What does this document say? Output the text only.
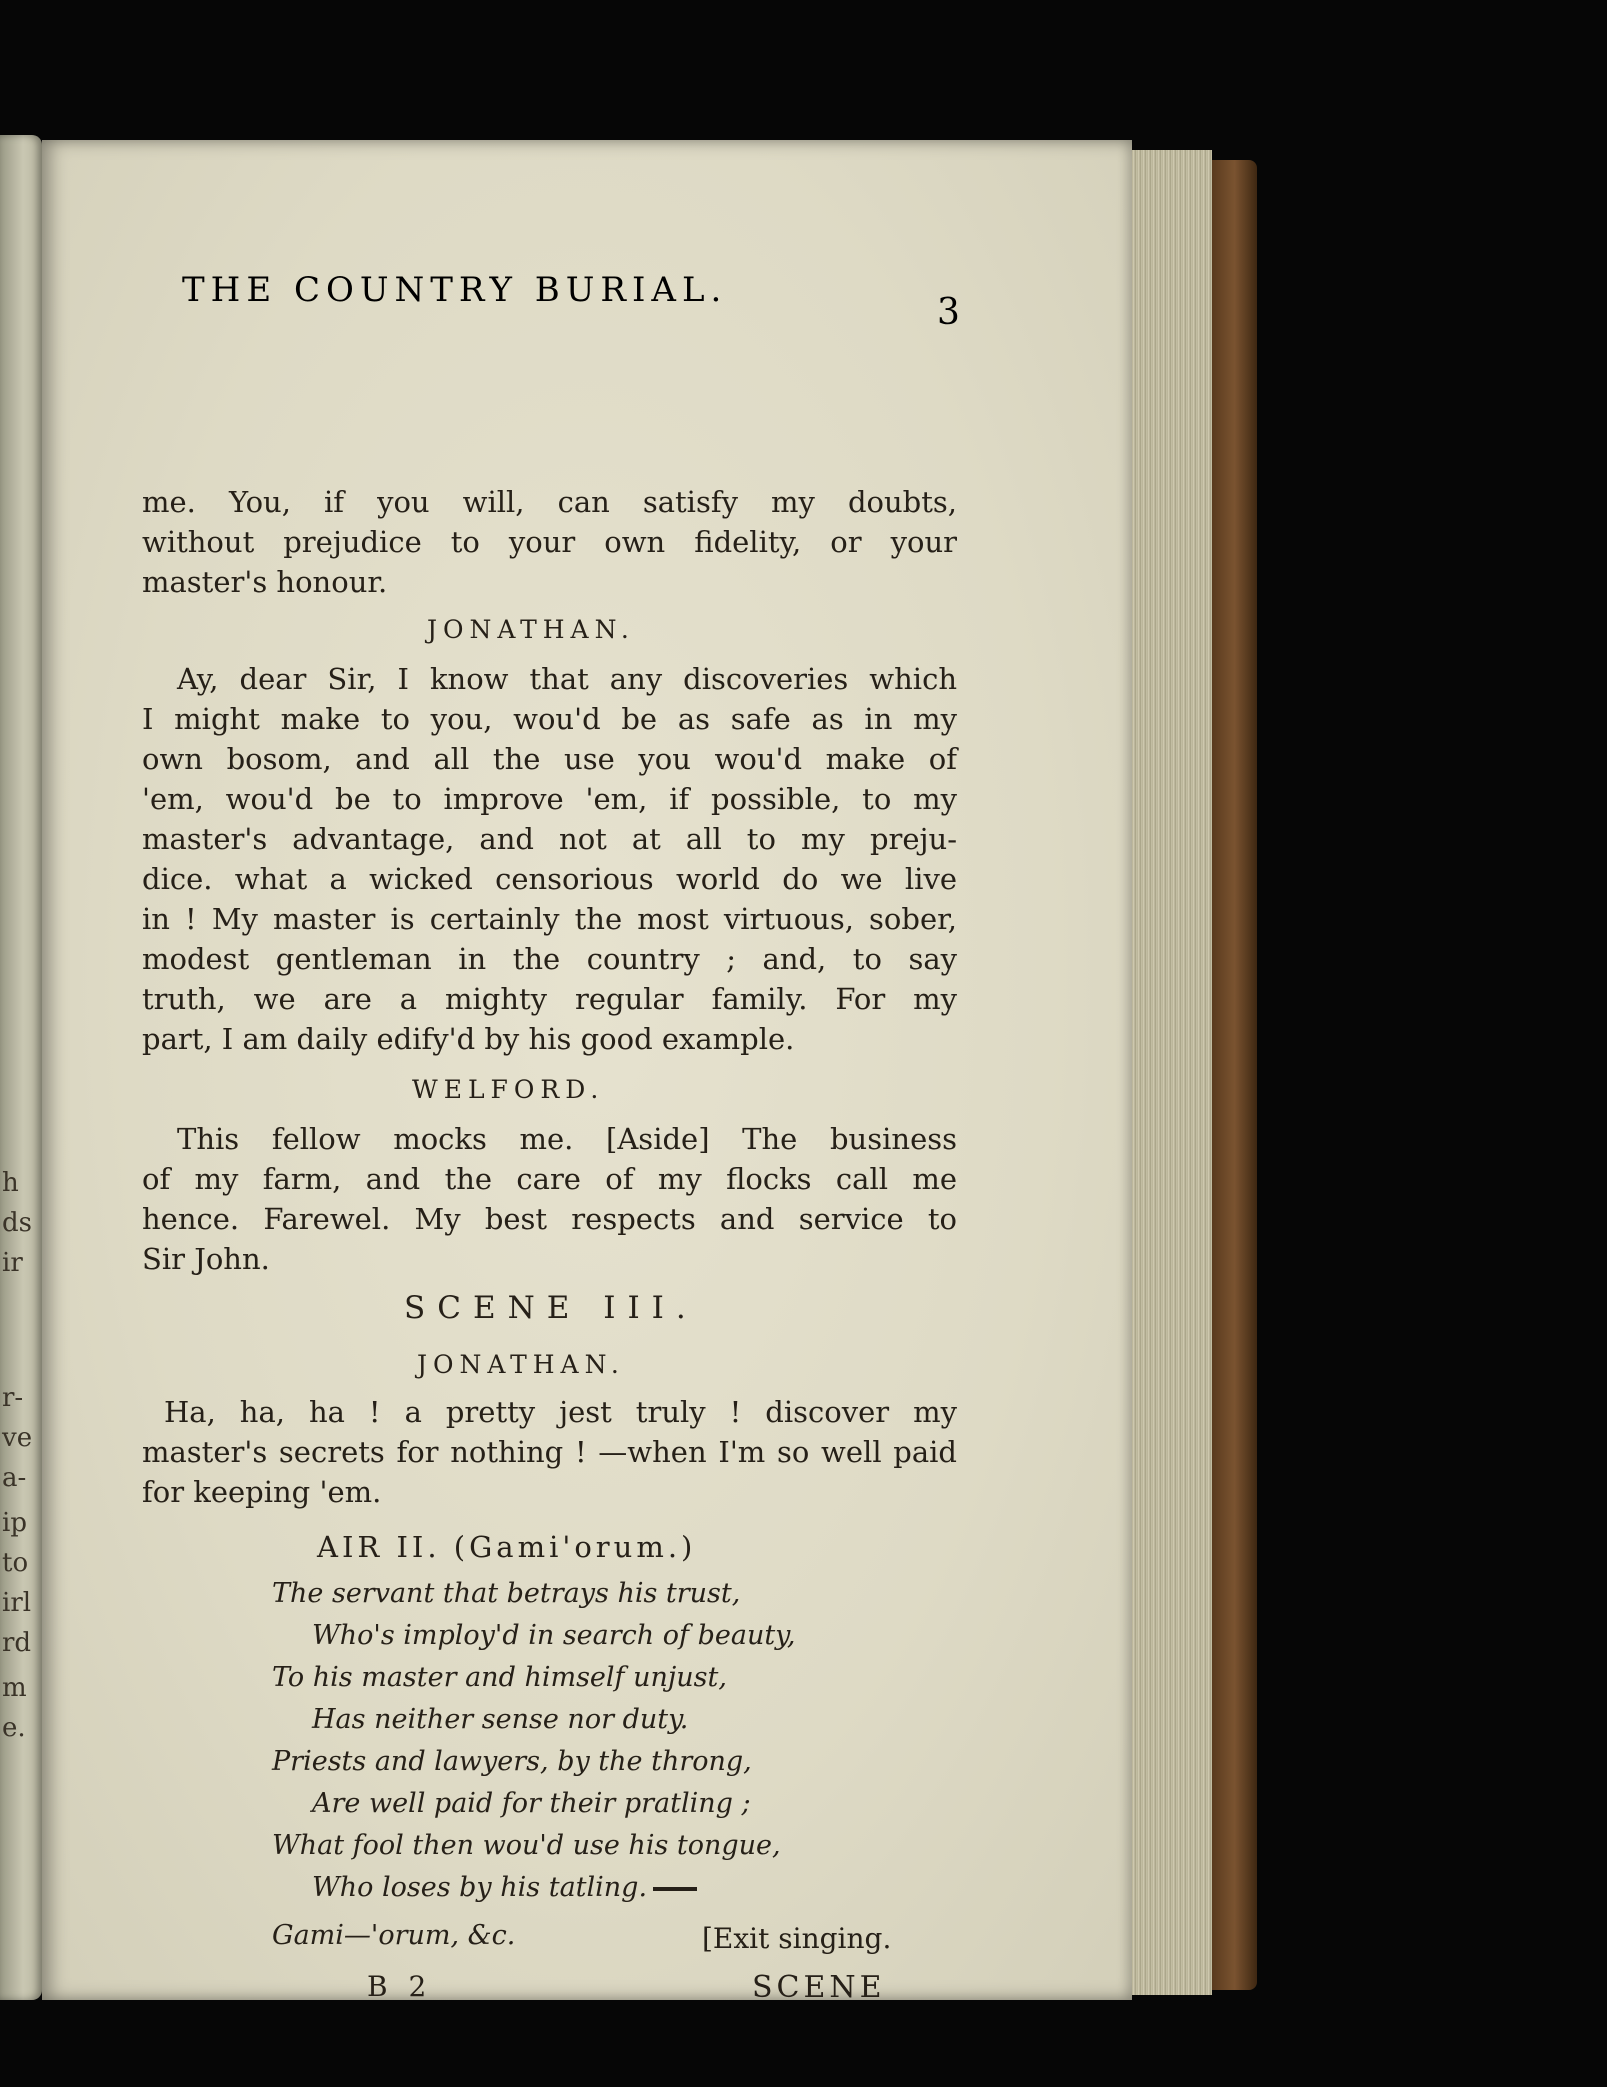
h
ds
ir
r-
ve
a-
ip
to
irl
rd
m
e.
THE COUNTRY BURIAL.
3
me. You, if you will, can satisfy my doubts,
without prejudice to your own fidelity, or your
master's honour.
JONATHAN.
Ay, dear Sir, I know that any discoveries which
I might make to you, wou'd be as safe as in my
own bosom, and all the use you wou'd make of
'em, wou'd be to improve 'em, if possible, to my
master's advantage, and not at all to my preju-
dice. what a wicked censorious world do we live
in ! My master is certainly the most virtuous, sober,
modest gentleman in the country ; and, to say
truth, we are a mighty regular family. For my
part, I am daily edify'd by his good example.
WELFORD.
This fellow mocks me. [Aside] The business
of my farm, and the care of my flocks call me
hence. Farewel. My best respects and service to
Sir John.
SCENE III.
JONATHAN.
Ha, ha, ha ! a pretty jest truly ! discover my
master's secrets for nothing ! —when I'm so well paid
for keeping 'em.
AIR II. (Gami'orum.)
The servant that betrays his trust,
Who's imploy'd in search of beauty,
To his master and himself unjust,
Has neither sense nor duty.
Priests and lawyers, by the throng,
Are well paid for their pratling ;
What fool then wou'd use his tongue,
Who loses by his tatling.
Gami—'orum, &c.	[Exit singing.
B 2	SCENE
